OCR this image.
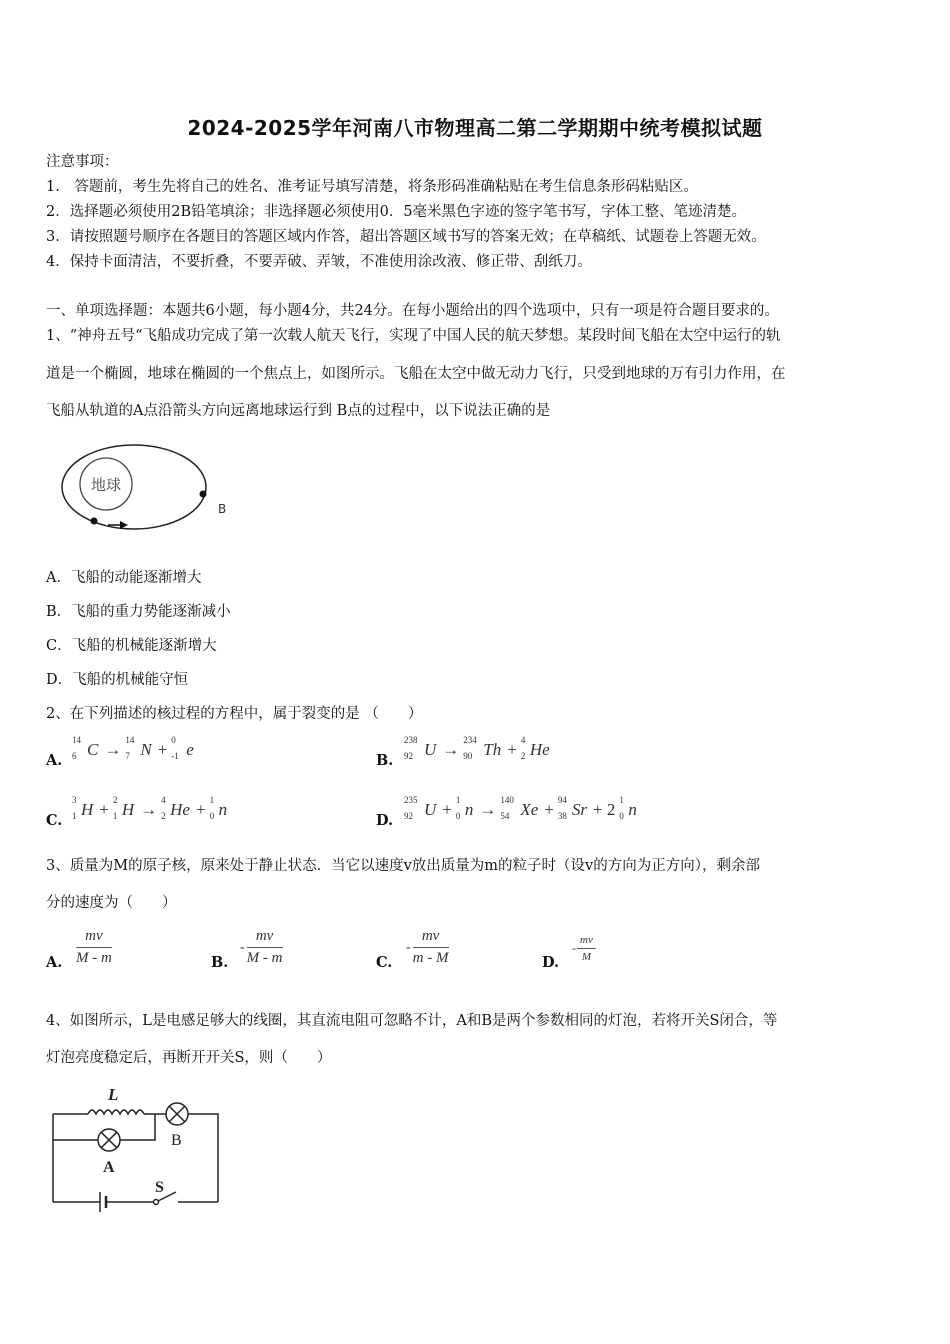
2024-2025学年河南八市物理高二第二学期期中统考模拟试题
注意事项：
1.　答题前，考生先将自己的姓名、准考证号填写清楚，将条形码准确粘贴在考生信息条形码粘贴区。
2．选择题必须使用2B铅笔填涂；非选择题必须使用0．5毫米黑色字迹的签字笔书写，字体工整、笔迹清楚。
3．请按照题号顺序在各题目的答题区域内作答，超出答题区域书写的答案无效；在草稿纸、试题卷上答题无效。
4．保持卡面清洁，不要折叠，不要弄破、弄皱，不准使用涂改液、修正带、刮纸刀。
一、单项选择题：本题共6小题，每小题4分，共24分。在每小题给出的四个选项中，只有一项是符合题目要求的。
1、“神舟五号“飞船成功完成了第一次载人航天飞行，实现了中国人民的航天梦想。某段时间飞船在太空中运行的轨
道是一个椭圆，地球在椭圆的一个焦点上，如图所示。飞船在太空中做无动力飞行，只受到地球的万有引力作用，在
飞船从轨道的A点沿箭头方向远离地球运行到 B点的过程中，以下说法正确的是
地球
B
A．飞船的动能逐渐增大
B．飞船的重力势能逐渐减小
C．飞船的机械能逐渐增大
D．飞船的机械能守恒
2、在下列描述的核过程的方程中，属于裂变的是 （　　）
A.
14
6 C → 14
7 N + 0
-1 e
B.
238
92 U → 234
90 Th + 4
2 He
C.
3
1 H + 2
1 H → 4
2 He + 1
0 n
D.
235
92 U + 1
0 n → 140
54 Xe + 94
38 Sr + 2 1
0 n
3、质量为M的原子核，原来处于静止状态．当它以速度v放出质量为m的粒子时（设v的方向为正方向），剩余部
分的速度为（　　）
A. $\frac{mv}{M - m}$	B.
- $\frac{mv}{M - m}$	C.
- $\frac{mv}{m - M}$	D.
- $\frac{mv}{M}$
4、如图所示，L是电感足够大的线圈，其直流电阻可忽略不计，A和B是两个参数相同的灯泡，若将开关S闭合，等
灯泡亮度稳定后，再断开开关S，则（　　）
L
B
A
S
